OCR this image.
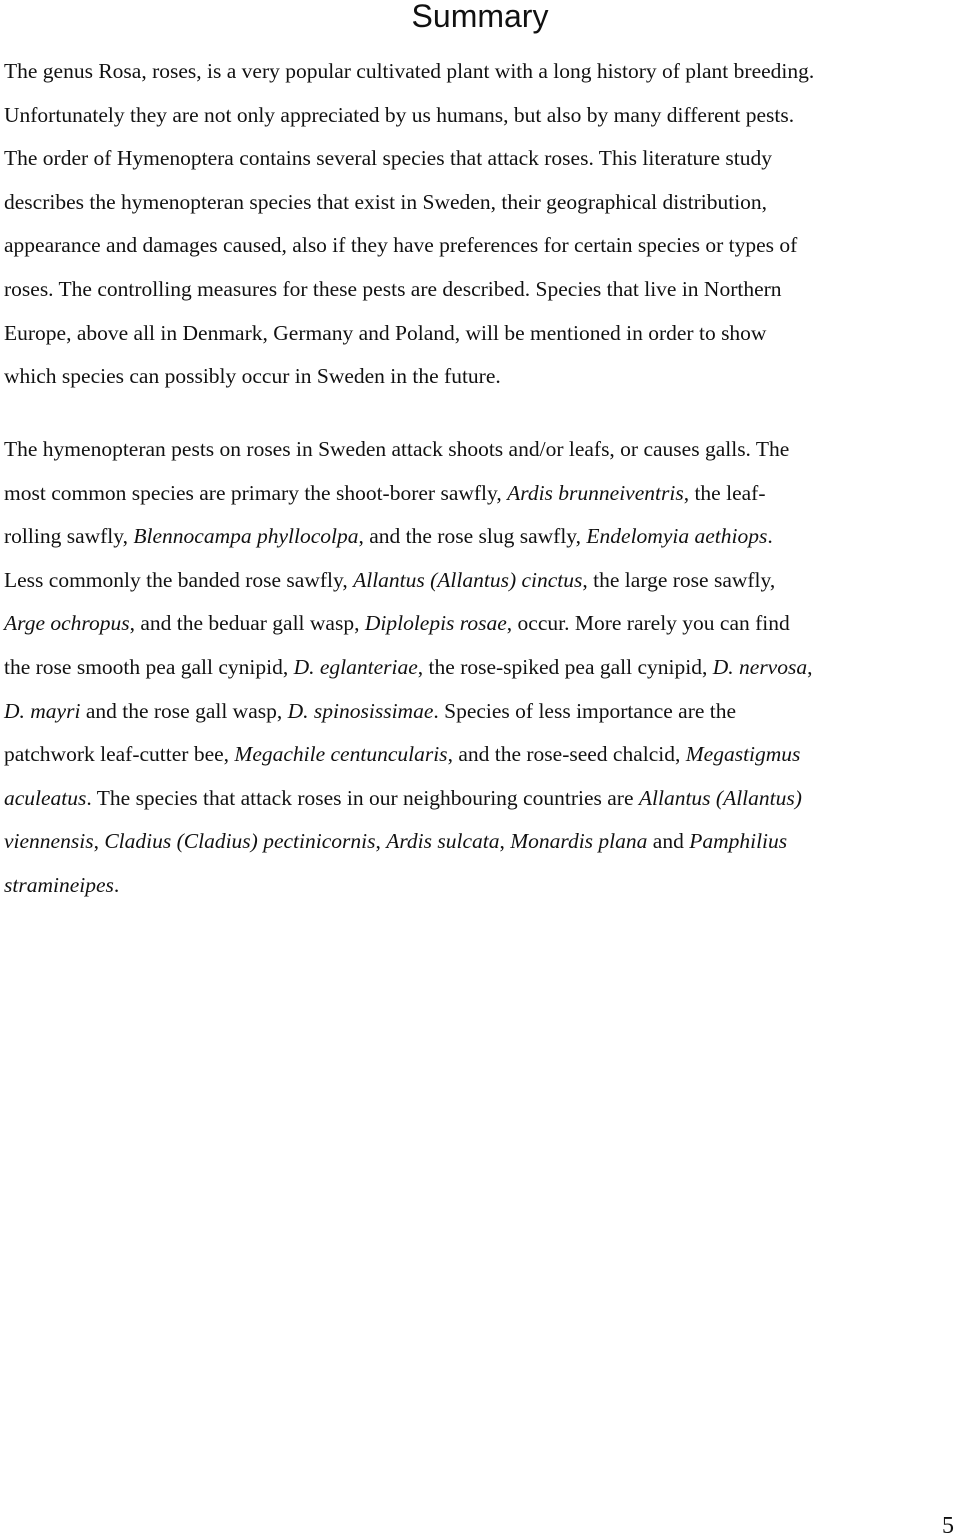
Summary
The genus Rosa, roses, is a very popular cultivated plant with a long history of plant breeding.
Unfortunately they are not only appreciated by us humans, but also by many different pests.
The order of Hymenoptera contains several species that attack roses. This literature study
describes the hymenopteran species that exist in Sweden, their geographical distribution,
appearance and damages caused, also if they have preferences for certain species or types of
roses. The controlling measures for these pests are described. Species that live in Northern
Europe, above all in Denmark, Germany and Poland, will be mentioned in order to show
which species can possibly occur in Sweden in the future.
The hymenopteran pests on roses in Sweden attack shoots and/or leafs, or causes galls. The
most common species are primary the shoot-borer sawfly, Ardis brunneiventris, the leaf-
rolling sawfly, Blennocampa phyllocolpa, and the rose slug sawfly, Endelomyia aethiops.
Less commonly the banded rose sawfly, Allantus (Allantus) cinctus, the large rose sawfly,
Arge ochropus, and the beduar gall wasp, Diplolepis rosae, occur. More rarely you can find
the rose smooth pea gall cynipid, D. eglanteriae, the rose-spiked pea gall cynipid, D. nervosa,
D. mayri and the rose gall wasp, D. spinosissimae. Species of less importance are the
patchwork leaf-cutter bee, Megachile centuncularis, and the rose-seed chalcid, Megastigmus
aculeatus. The species that attack roses in our neighbouring countries are Allantus (Allantus)
viennensis, Cladius (Cladius) pectinicornis, Ardis sulcata, Monardis plana and Pamphilius
stramineipes.
5
